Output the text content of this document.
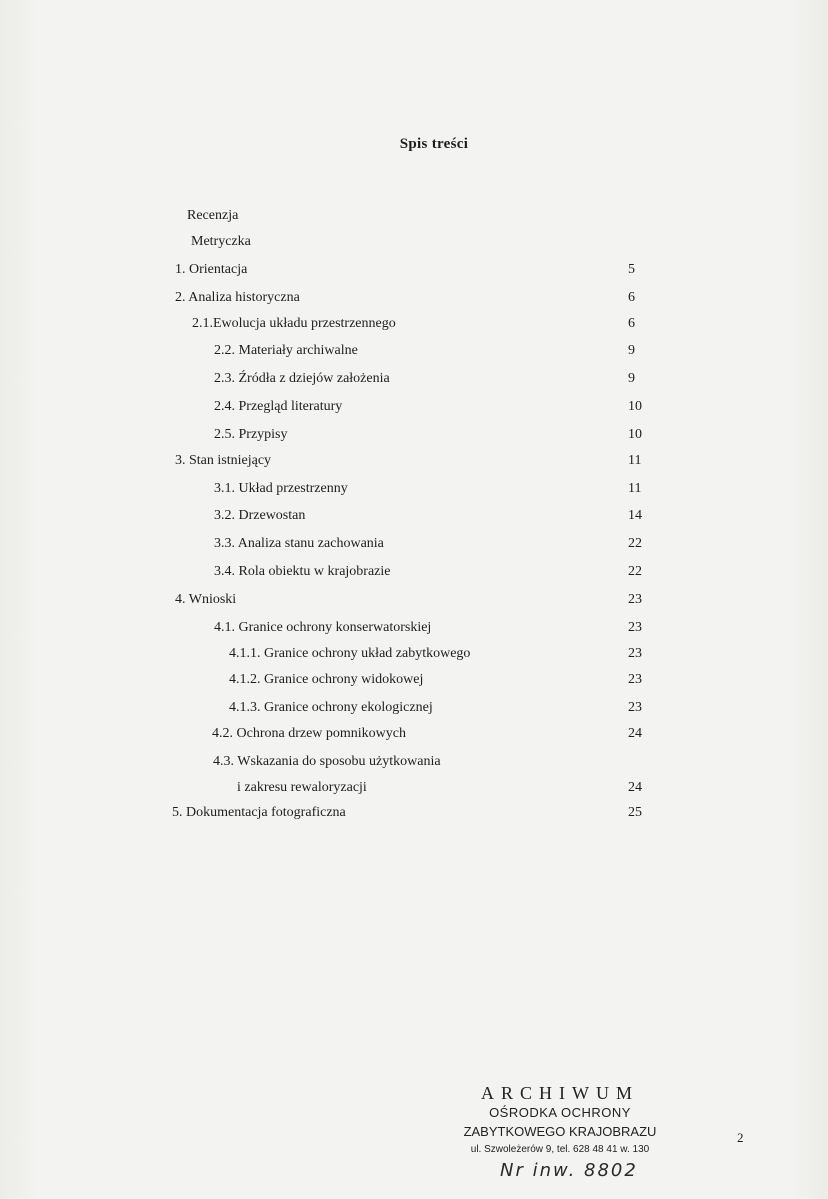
Spis treści
Recenzja
Metryczka
1. Orientacja	5
2. Analiza historyczna	6
2.1.Ewolucja układu przestrzennego	6
2.2. Materiały archiwalne	9
2.3. Źródła z dziejów założenia	9
2.4. Przegląd literatury	10
2.5. Przypisy	10
3. Stan istniejący	11
3.1. Układ przestrzenny	11
3.2. Drzewostan	14
3.3. Analiza stanu zachowania	22
3.4. Rola obiektu w krajobrazie	22
4. Wnioski	23
4.1. Granice ochrony konserwatorskiej	23
4.1.1. Granice ochrony układ zabytkowego	23
4.1.2. Granice ochrony widokowej	23
4.1.3. Granice ochrony ekologicznej	23
4.2. Ochrona drzew pomnikowych	24
4.3. Wskazania do sposobu użytkowania
i zakresu rewaloryzacji	24
5. Dokumentacja fotograficzna	25
ARCHIWUM
OŚRODKA OCHRONY
ZABYTKOWEGO KRAJOBRAZU
ul. Szwoleżerów 9, tel. 628 48 41 w. 130
Nr inw. 8802
2
